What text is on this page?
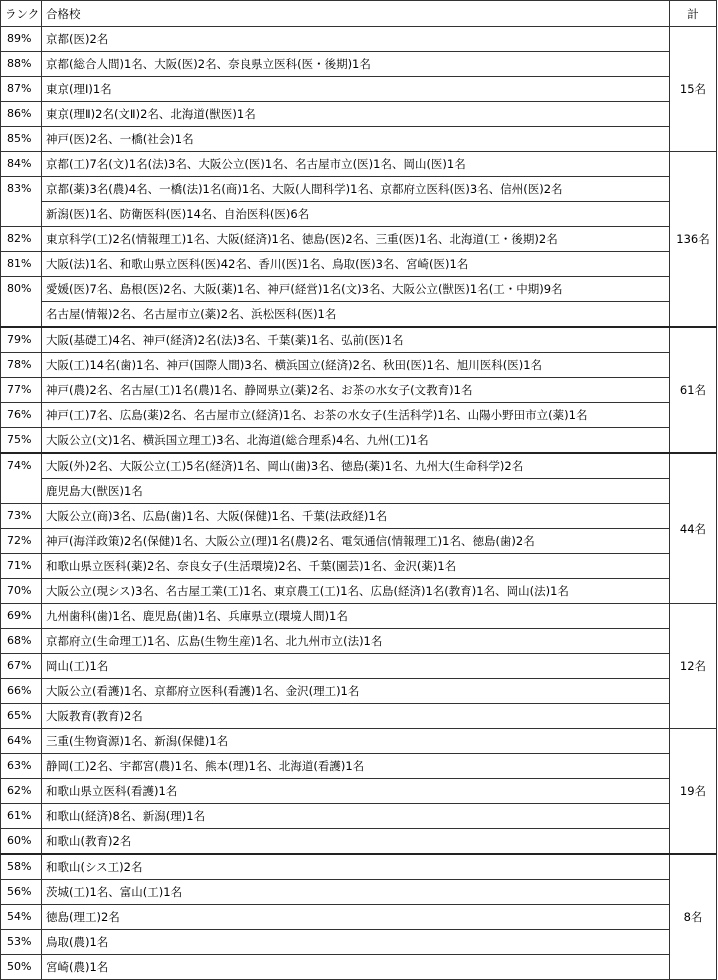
ランク	合格校	計
89%	京都(医)2名	15名
88%	京都(総合人間)1名、大阪(医)2名、奈良県立医科(医・後期)1名	
87%	東京(理Ⅰ)1名	
86%	東京(理Ⅱ)2名(文Ⅱ)2名、北海道(獣医)1名	
85%	神戸(医)2名、一橋(社会)1名	
84%	京都(工)7名(文)1名(法)3名、大阪公立(医)1名、名古屋市立(医)1名、岡山(医)1名	136名
83%	京都(薬)3名(農)4名、一橋(法)1名(商)1名、大阪(人間科学)1名、京都府立医科(医)3名、信州(医)2名	
	新潟(医)1名、防衛医科(医)14名、自治医科(医)6名	
82%	東京科学(工)2名(情報理工)1名、大阪(経済)1名、徳島(医)2名、三重(医)1名、北海道(工・後期)2名	
81%	大阪(法)1名、和歌山県立医科(医)42名、香川(医)1名、鳥取(医)3名、宮崎(医)1名	
80%	愛媛(医)7名、島根(医)2名、大阪(薬)1名、神戸(経営)1名(文)3名、大阪公立(獣医)1名(工・中期)9名	
	名古屋(情報)2名、名古屋市立(薬)2名、浜松医科(医)1名	
79%	大阪(基礎工)4名、神戸(経済)2名(法)3名、千葉(薬)1名、弘前(医)1名	61名
78%	大阪(工)14名(歯)1名、神戸(国際人間)3名、横浜国立(経済)2名、秋田(医)1名、旭川医科(医)1名	
77%	神戸(農)2名、名古屋(工)1名(農)1名、静岡県立(薬)2名、お茶の水女子(文教育)1名	
76%	神戸(工)7名、広島(薬)2名、名古屋市立(経済)1名、お茶の水女子(生活科学)1名、山陽小野田市立(薬)1名	
75%	大阪公立(文)1名、横浜国立理工)3名、北海道(総合理系)4名、九州(工)1名	
74%	大阪(外)2名、大阪公立(工)5名(経済)1名、岡山(歯)3名、徳島(薬)1名、九州大(生命科学)2名	44名
	鹿児島大(獣医)1名	
73%	大阪公立(商)3名、広島(歯)1名、大阪(保健)1名、千葉(法政経)1名	
72%	神戸(海洋政策)2名(保健)1名、大阪公立(理)1名(農)2名、電気通信(情報理工)1名、徳島(歯)2名	
71%	和歌山県立医科(薬)2名、奈良女子(生活環境)2名、千葉(園芸)1名、金沢(薬)1名	
70%	大阪公立(現シス)3名、名古屋工業(工)1名、東京農工(工)1名、広島(経済)1名(教育)1名、岡山(法)1名	
69%	九州歯科(歯)1名、鹿児島(歯)1名、兵庫県立(環境人間)1名	12名
68%	京都府立(生命理工)1名、広島(生物生産)1名、北九州市立(法)1名	
67%	岡山(工)1名	
66%	大阪公立(看護)1名、京都府立医科(看護)1名、金沢(理工)1名	
65%	大阪教育(教育)2名	
64%	三重(生物資源)1名、新潟(保健)1名	19名
63%	静岡(工)2名、宇都宮(農)1名、熊本(理)1名、北海道(看護)1名	
62%	和歌山県立医科(看護)1名	
61%	和歌山(経済)8名、新潟(理)1名	
60%	和歌山(教育)2名	
58%	和歌山(シス工)2名	8名
56%	茨城(工)1名、富山(工)1名	
54%	徳島(理工)2名	
53%	鳥取(農)1名	
50%	宮崎(農)1名	
